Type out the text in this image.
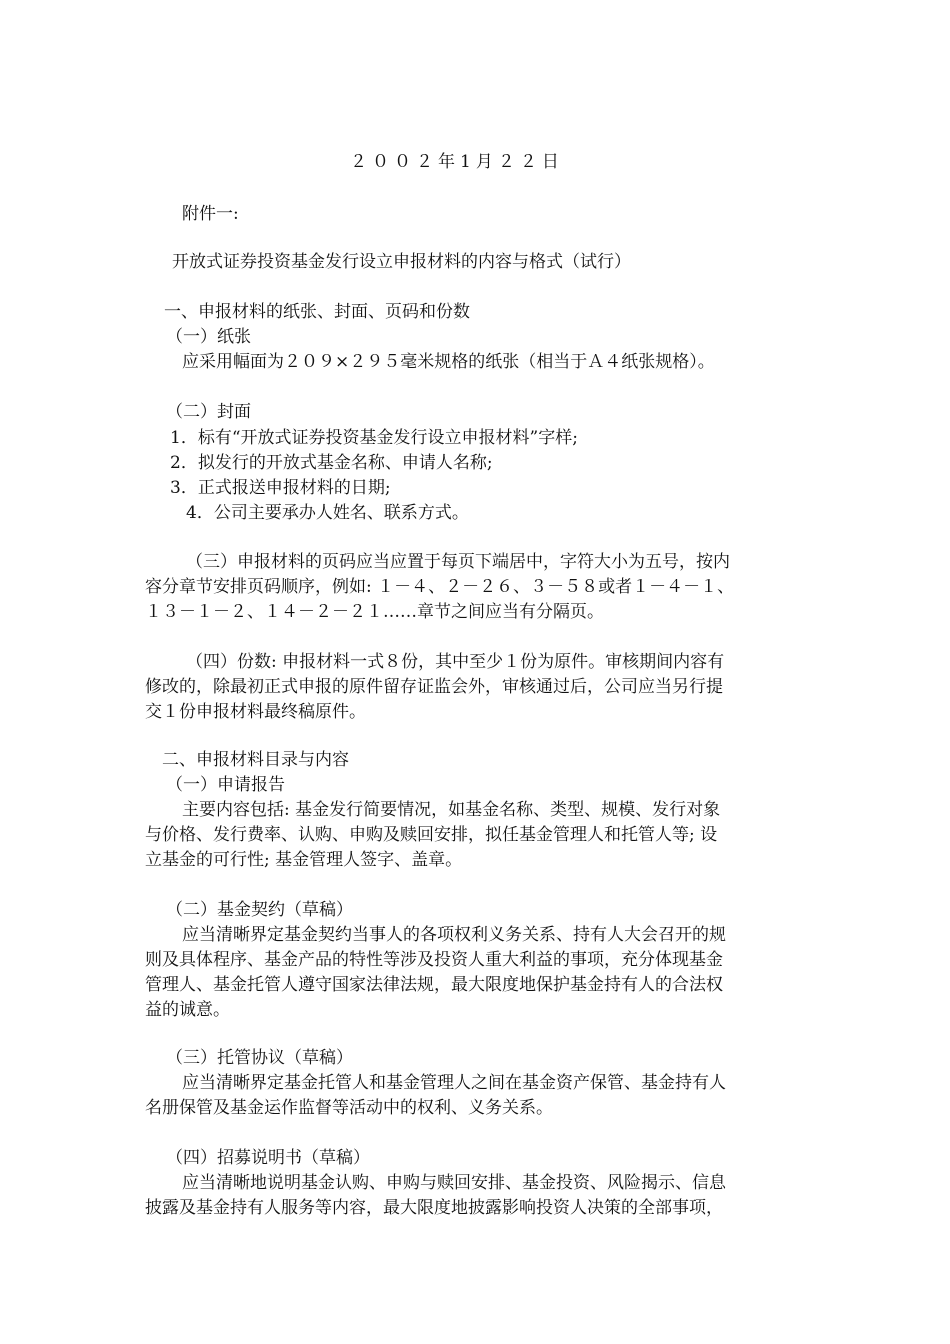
２００２年1月２２日

附件一:

开放式证券投资基金发行设立申报材料的内容与格式（试行）

一、申报材料的纸张、封面、页码和份数

（一）纸张

应采用幅面为２０９×２９５毫米规格的纸张（相当于Ａ４纸张规格）。

（二）封面

1．标有“开放式证券投资基金发行设立申报材料”字样;

2．拟发行的开放式基金名称、申请人名称;

3．正式报送申报材料的日期;

4．公司主要承办人姓名、联系方式。

（三）申报材料的页码应当应置于每页下端居中，字符大小为五号，按内

容分章节安排页码顺序，例如: １－４、２－２６、３－５８或者１－４－１、

１３－１－２、１４－２－２１……章节之间应当有分隔页。

（四）份数: 申报材料一式８份，其中至少１份为原件。审核期间内容有

修改的，除最初正式申报的原件留存证监会外，审核通过后，公司应当另行提

交１份申报材料最终稿原件。

二、申报材料目录与内容

（一）申请报告

主要内容包括: 基金发行简要情况，如基金名称、类型、规模、发行对象

与价格、发行费率、认购、申购及赎回安排，拟任基金管理人和托管人等; 设

立基金的可行性; 基金管理人签字、盖章。

（二）基金契约（草稿）

应当清晰界定基金契约当事人的各项权利义务关系、持有人大会召开的规

则及具体程序、基金产品的特性等涉及投资人重大利益的事项，充分体现基金

管理人、基金托管人遵守国家法律法规，最大限度地保护基金持有人的合法权

益的诚意。

（三）托管协议（草稿）

应当清晰界定基金托管人和基金管理人之间在基金资产保管、基金持有人

名册保管及基金运作监督等活动中的权利、义务关系。

（四）招募说明书（草稿）

应当清晰地说明基金认购、申购与赎回安排、基金投资、风险揭示、信息

披露及基金持有人服务等内容，最大限度地披露影响投资人决策的全部事项，
